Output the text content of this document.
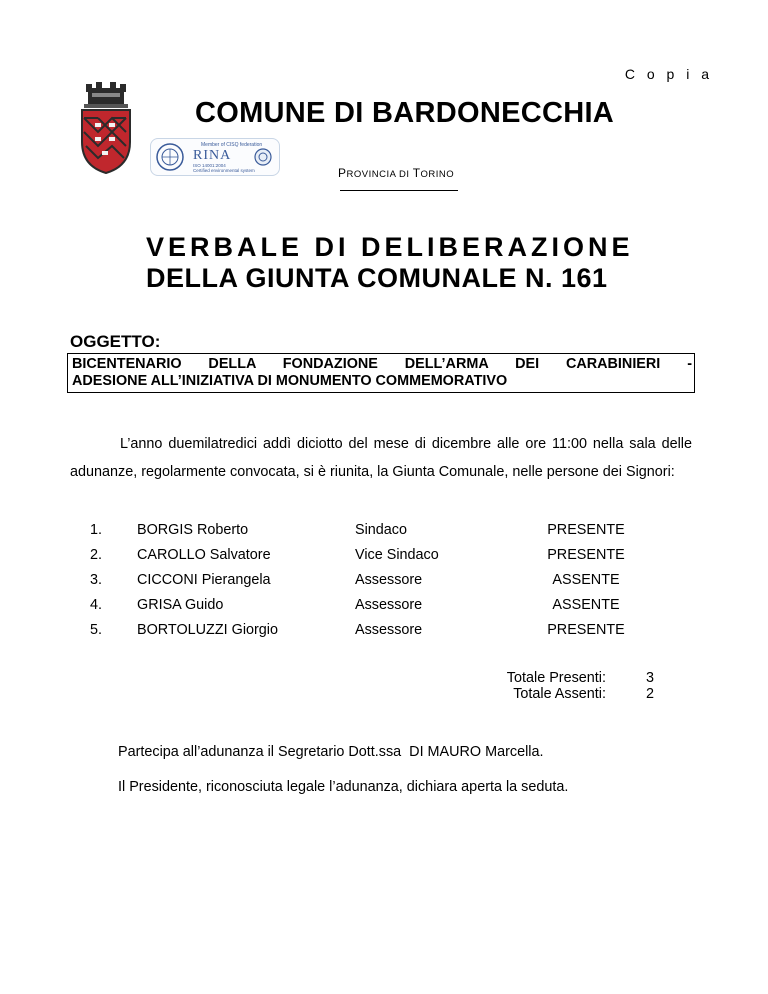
C o p i a
COMUNE DI BARDONECCHIA
Member of CISQ federation
RINA
ISO 14001:2004
Certified environmental system	PROVINCIA DI TORINO
VERBALE DI DELIBERAZIONE
DELLA GIUNTA COMUNALE N. 161
OGGETTO:
BICENTENARIO DELLA FONDAZIONE DELL’ARMA DEI CARABINIERI -
ADESIONE ALL’INIZIATIVA DI MONUMENTO COMMEMORATIVO
L’anno duemilatredici addì diciotto del mese di dicembre alle ore 11:00 nella sala delle adunanze, regolarmente convocata, si è riunita, la Giunta Comunale, nelle persone dei Signori:
1. BORGIS Roberto	Sindaco	PRESENTE
2. CAROLLO Salvatore	Vice Sindaco	PRESENTE
3. CICCONI Pierangela	Assessore	ASSENTE
4. GRISA Guido	Assessore	ASSENTE
5. BORTOLUZZI Giorgio	Assessore	PRESENTE
Totale Presenti:	3
Totale Assenti:	2
Partecipa all’adunanza il Segretario Dott.ssa  DI MAURO Marcella.
Il Presidente, riconosciuta legale l’adunanza, dichiara aperta la seduta.
